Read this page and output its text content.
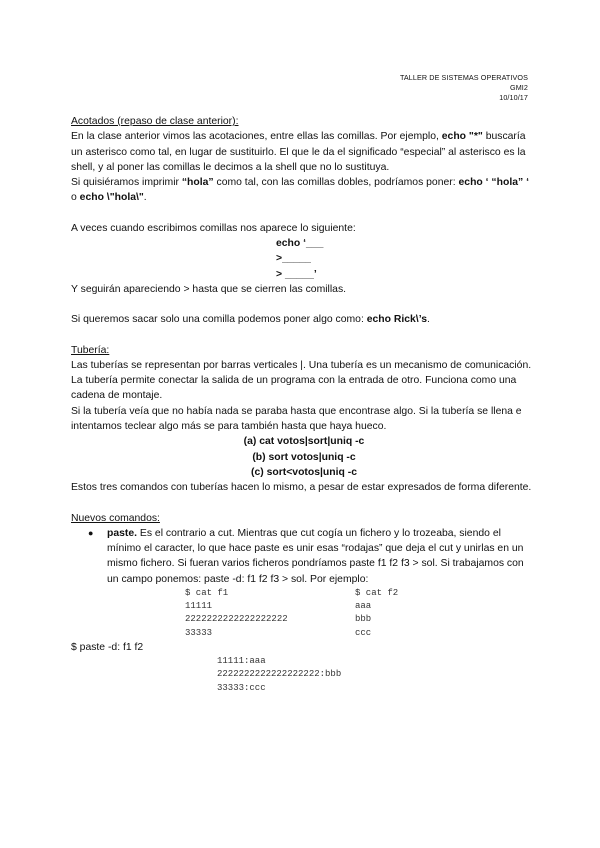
TALLER DE SISTEMAS OPERATIVOS
GMI2
10/10/17

Acotados (repaso de clase anterior):

En la clase anterior vimos las acotaciones, entre ellas las comillas. Por ejemplo, echo "*" buscaría un asterisco como tal, en lugar de sustituirlo. El que le da el significado “especial” al asterisco es la shell, y al poner las comillas le decimos a la shell que no lo sustituya.

Si quisiéramos imprimir “hola” como tal, con las comillas dobles, podríamos poner: echo ‘ “hola” ‘ o echo \"hola\".

A veces cuando escribimos comillas nos aparece lo siguiente:

echo ‘___

>_____

> _____’

Y seguirán apareciendo > hasta que se cierren las comillas.

Si queremos sacar solo una comilla podemos poner algo como: echo Rick\’s.

Tubería:

Las tuberías se representan por barras verticales |. Una tubería es un mecanismo de comunicación. La tubería permite conectar la salida de un programa con la entrada de otro. Funciona como una cadena de montaje.

Si la tubería veía que no había nada se paraba hasta que encontrase algo. Si la tubería se llena e intentamos teclear algo más se para también hasta que haya hueco.

(a) cat votos|sort|uniq -c

(b) sort votos|uniq -c

(c) sort<votos|uniq -c

Estos tres comandos con tuberías hacen lo mismo, a pesar de estar expresados de forma diferente.

Nuevos comandos:

● paste. Es el contrario a cut. Mientras que cut cogía un fichero y lo trozeaba, siendo el mínimo el caracter, lo que hace paste es unir esas “rodajas” que deja el cut y unirlas en un mismo fichero. Si fueran varios ficheros pondríamos paste f1 f2 f3 > sol. Si trabajamos con un campo ponemos: paste -d: f1 f2 f3 > sol. Por ejemplo:

$ cat f1
11111
2222222222222222222
33333
$ cat f2
aaa
bbb
ccc

$ paste -d: f1 f2

11111:aaa
2222222222222222222:bbb
33333:ccc
